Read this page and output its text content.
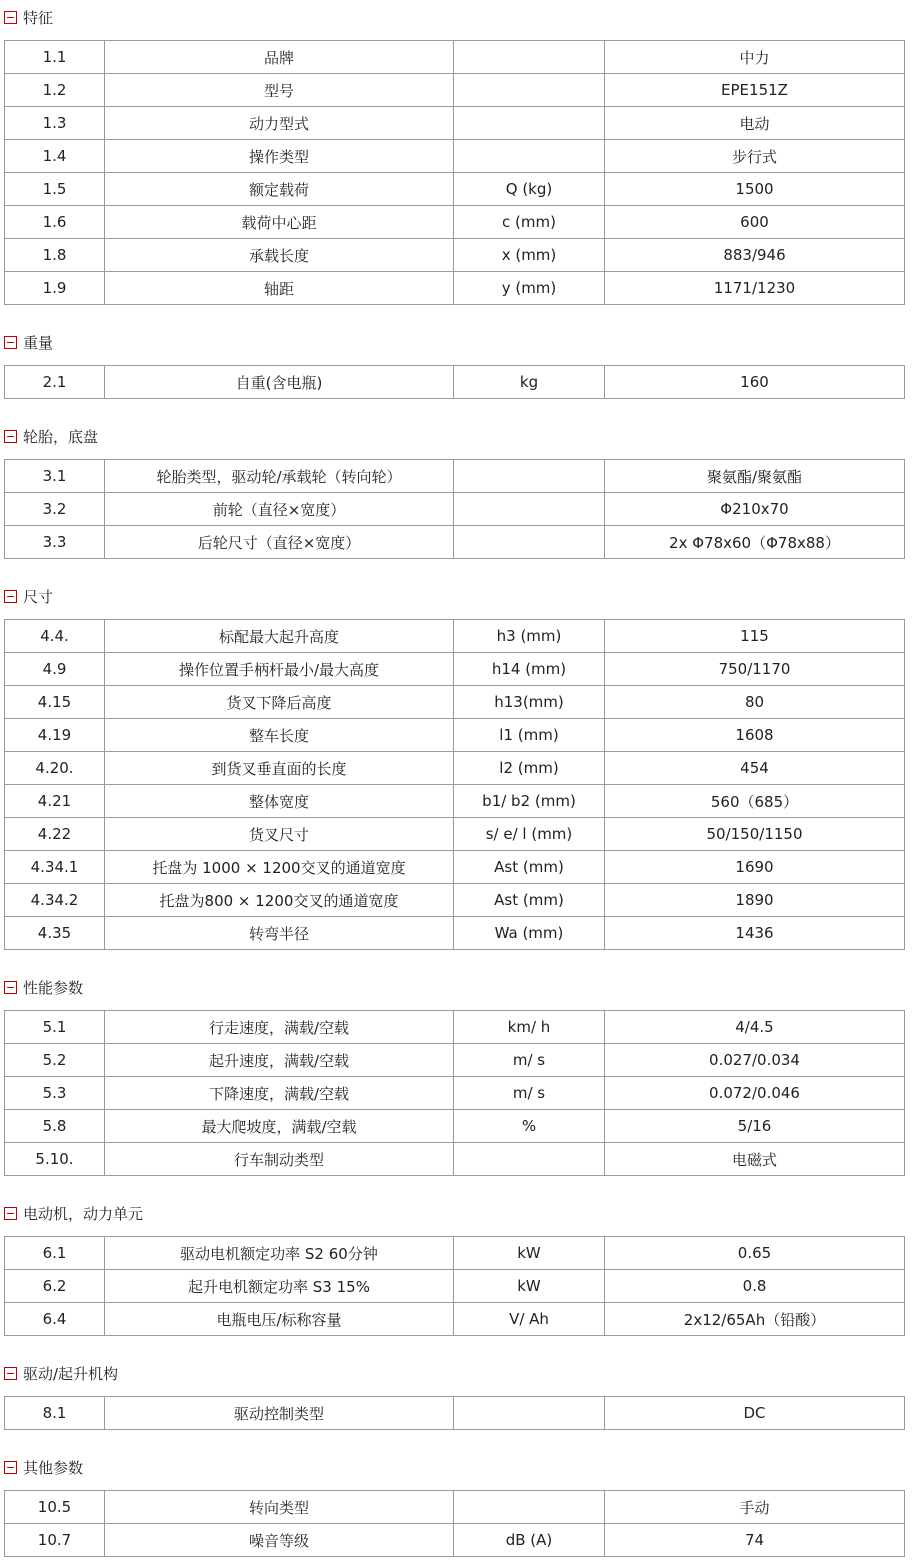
特征
1.1	品牌		中力
1.2	型号		EPE151Z
1.3	动力型式		电动
1.4	操作类型		步行式
1.5	额定载荷	Q (kg)	1500
1.6	载荷中心距	c (mm)	600
1.8	承载长度	x (mm)	883/946
1.9	轴距	y (mm)	1171/1230
重量
2.1	自重(含电瓶)	kg	160
轮胎，底盘
3.1	轮胎类型，驱动轮/承载轮（转向轮）		聚氨酯/聚氨酯
3.2	前轮（直径×宽度）		Φ210x70
3.3	后轮尺寸（直径×宽度）		2x Φ78x60（Φ78x88）
尺寸
4.4.	标配最大起升高度	h3 (mm)	115
4.9	操作位置手柄杆最小/最大高度	h14 (mm)	750/1170
4.15	货叉下降后高度	h13(mm)	80
4.19	整车长度	l1 (mm)	1608
4.20.	到货叉垂直面的长度	l2 (mm)	454
4.21	整体宽度	b1/ b2 (mm)	560（685）
4.22	货叉尺寸	s/ e/ l (mm)	50/150/1150
4.34.1	托盘为 1000 × 1200交叉的通道宽度	Ast (mm)	1690
4.34.2	托盘为800 × 1200交叉的通道宽度	Ast (mm)	1890
4.35	转弯半径	Wa (mm)	1436
性能参数
5.1	行走速度，满载/空载	km/ h	4/4.5
5.2	起升速度，满载/空载	m/ s	0.027/0.034
5.3	下降速度，满载/空载	m/ s	0.072/0.046
5.8	最大爬坡度，满载/空载	%	5/16
5.10.	行车制动类型		电磁式
电动机，动力单元
6.1	驱动电机额定功率 S2 60分钟	kW	0.65
6.2	起升电机额定功率 S3 15%	kW	0.8
6.4	电瓶电压/标称容量	V/ Ah	2x12/65Ah（铅酸）
驱动/起升机构
8.1	驱动控制类型		DC
其他参数
10.5	转向类型		手动
10.7	噪音等级	dB (A)	74
